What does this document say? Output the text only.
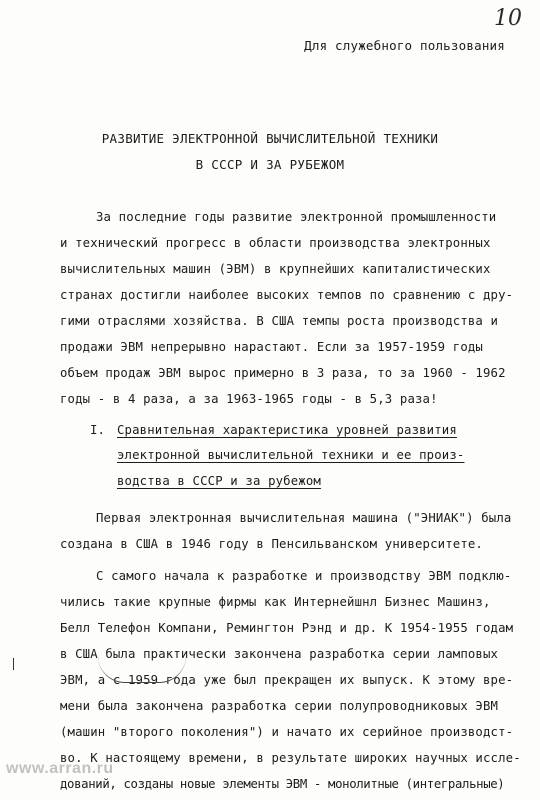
10
Для служебного пользования
РАЗВИТИЕ ЭЛЕКТРОННОЙ ВЫЧИСЛИТЕЛЬНОЙ ТЕХНИКИ
В СССР И ЗА РУБЕЖОМ
За последние годы развитие электронной промышленности
и технический прогресс в области производства электронных
вычислительных машин (ЭВМ) в крупнейших капиталистических
странах достигли наиболее высоких темпов по сравнению с дру-
гими отраслями хозяйства. В США темпы роста производства и
продажи ЭВМ непрерывно нарастают. Если за 1957-1959 годы
объем продаж ЭВМ вырос примерно в 3 раза, то за 1960 - 1962
годы - в 4 раза, а за 1963-1965 годы - в 5,3 раза!
I. Сравнительная характеристика уровней развития
электронной вычислительной техники и ее произ-
водства в СССР и за рубежом
Первая электронная вычислительная машина ("ЭНИАК") была
создана в США в 1946 году в Пенсильванском университете.
С самого начала к разработке и производству ЭВМ подклю-
чились такие крупные фирмы как Интернейшнл Бизнес Машинз,
Белл Телефон Компани, Ремингтон Рэнд и др. К 1954-1955 годам
в США была практически закончена разработка серии ламповых
ЭВМ, а с 1959 года уже был прекращен их выпуск. К этому вре-
мени была закончена разработка серии полупроводниковых ЭВМ
(машин "второго поколения") и начато их серийное производст-
во. К настоящему времени, в результате широких научных иссле-
дований, созданы новые элементы ЭВМ - монолитные (интегральные)
www.arran.ru
